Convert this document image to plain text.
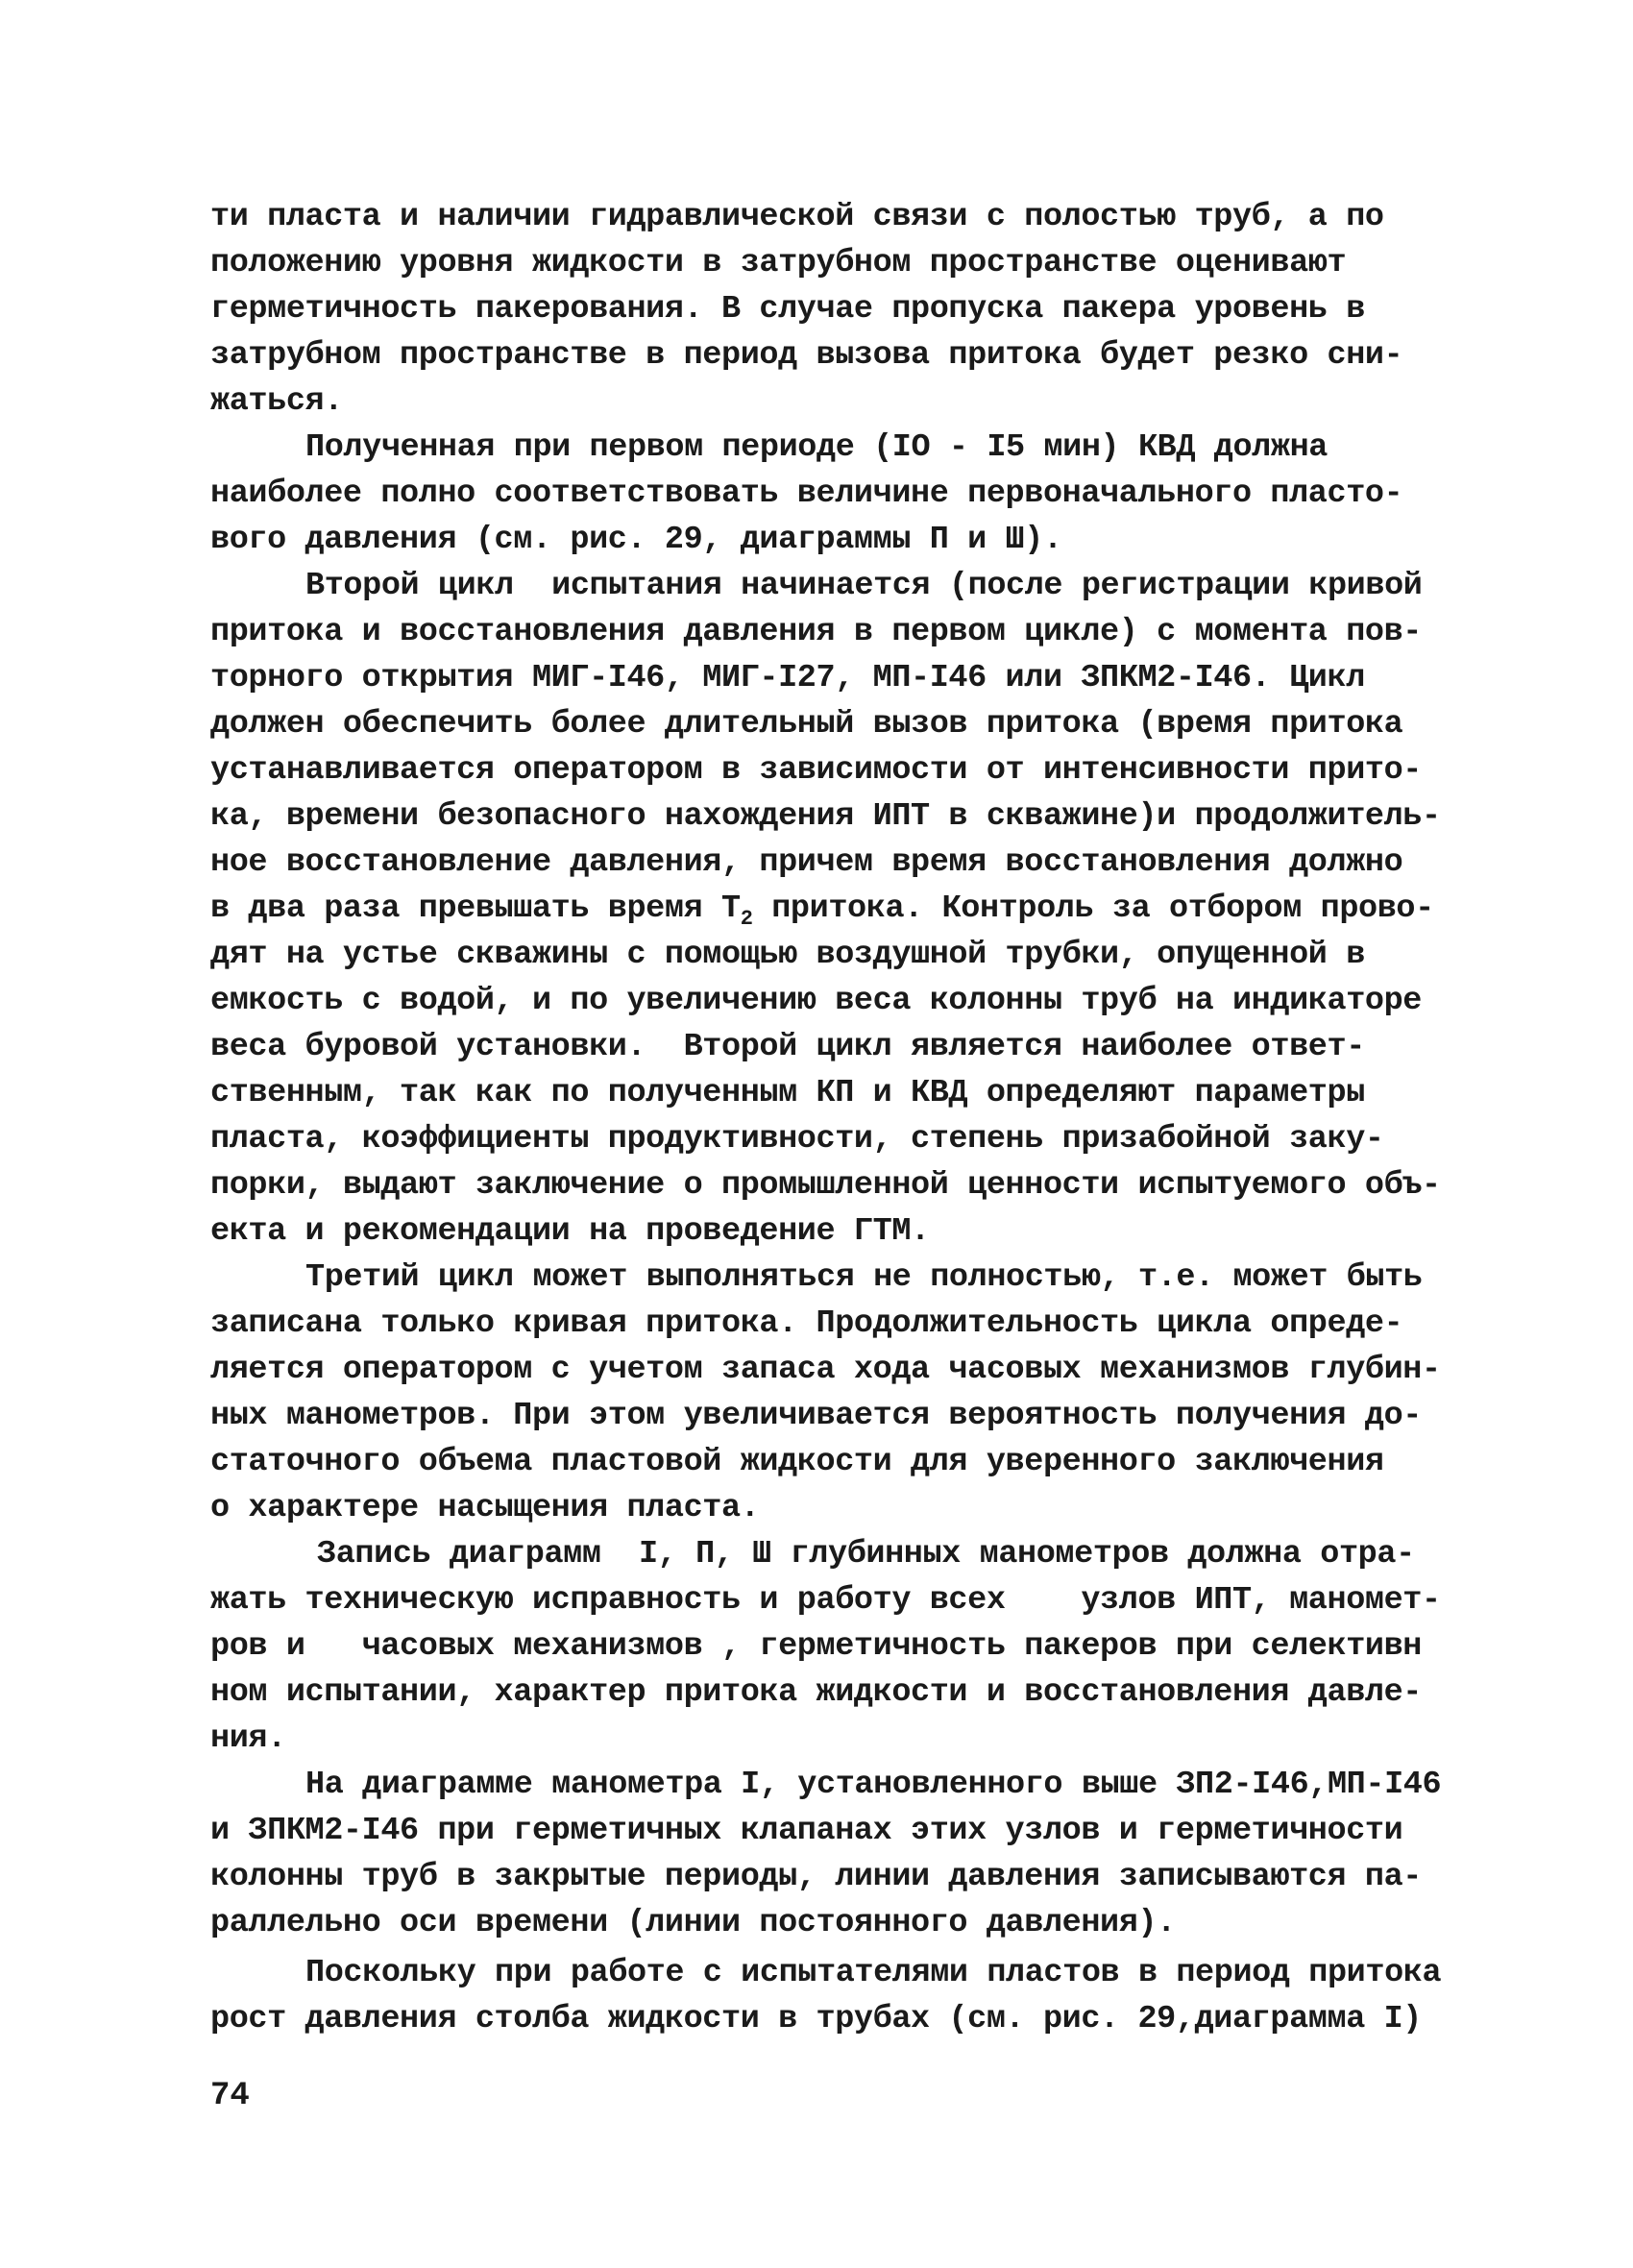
ти пласта и наличии гидравлической связи с полостью труб, а по
положению уровня жидкости в затрубном пространстве оценивают
герметичность пакерования. В случае пропуска пакера уровень в
затрубном пространстве в период вызова притока будет резко сни-
жаться.
Полученная при первом периоде (IO - I5 мин) КВД должна
наиболее полно соответствовать величине первоначального пласто-
вого давления (см. рис. 29, диаграммы П и Ш).
Второй цикл  испытания начинается (после регистрации кривой
притока и восстановления давления в первом цикле) с момента пов-
торного открытия МИГ-I46, МИГ-I27, МП-I46 или ЗПКМ2-I46. Цикл
должен обеспечить более длительный вызов притока (время притока
устанавливается оператором в зависимости от интенсивности прито-
ка, времени безопасного нахождения ИПТ в скважине)и продолжитель-
ное восстановление давления, причем время восстановления должно
в два раза превышать время $Т_2$ притока. Контроль за отбором прово-
дят на устье скважины с помощью воздушной трубки, опущенной в
емкость с водой, и по увеличению веса колонны труб на индикаторе
веса буровой установки.  Второй цикл является наиболее ответ-
ственным, так как по полученным КП и КВД определяют параметры
пласта, коэффициенты продуктивности, степень призабойной заку-
порки, выдают заключение о промышленной ценности испытуемого объ-
екта и рекомендации на проведение ГТМ.
Третий цикл может выполняться не полностью, т.е. может быть
записана только кривая притока. Продолжительность цикла опреде-
ляется оператором с учетом запаса хода часовых механизмов глубин-
ных манометров. При этом увеличивается вероятность получения до-
статочного объема пластовой жидкости для уверенного заключения
о характере насыщения пласта.
Запись диаграмм  I, П, Ш глубинных манометров должна отра-
жать техническую исправность и работу всех    узлов ИПТ, маномет-
ров и   часовых механизмов , герметичность пакеров при селективн
ном испытании, характер притока жидкости и восстановления давле-
ния.
На диаграмме манометра I, установленного выше ЗП2-I46,МП-I46
и ЗПКМ2-I46 при герметичных клапанах этих узлов и герметичности
колонны труб в закрытые периоды, линии давления записываются па-
раллельно оси времени (линии постоянного давления).
Поскольку при работе с испытателями пластов в период притока
рост давления столба жидкости в трубах (см. рис. 29,диаграмма I)
74
